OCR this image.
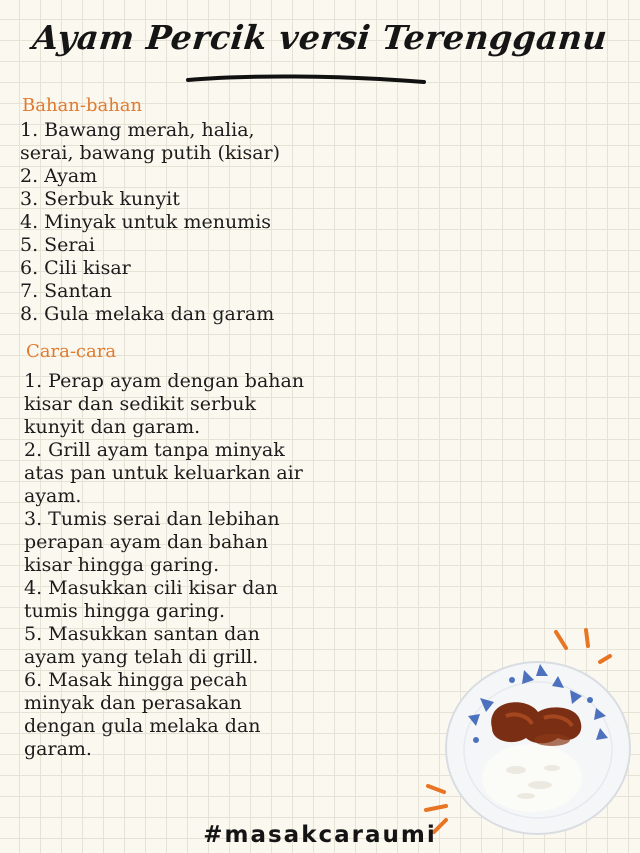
Ayam Percik versi Terengganu
Bahan-bahan
1. Bawang merah, halia,
serai, bawang putih (kisar)
2. Ayam
3. Serbuk kunyit
4. Minyak untuk menumis
5. Serai
6. Cili kisar
7. Santan
8. Gula melaka dan garam
Cara-cara
1. Perap ayam dengan bahan
kisar dan sedikit serbuk
kunyit dan garam.
2. Grill ayam tanpa minyak
atas pan untuk keluarkan air
ayam.
3. Tumis serai dan lebihan
perapan ayam dan bahan
kisar hingga garing.
4. Masukkan cili kisar dan
tumis hingga garing.
5. Masukkan santan dan
ayam yang telah di grill.
6. Masak hingga pecah
minyak dan perasakan
dengan gula melaka dan
garam.
#masakcaraumi
